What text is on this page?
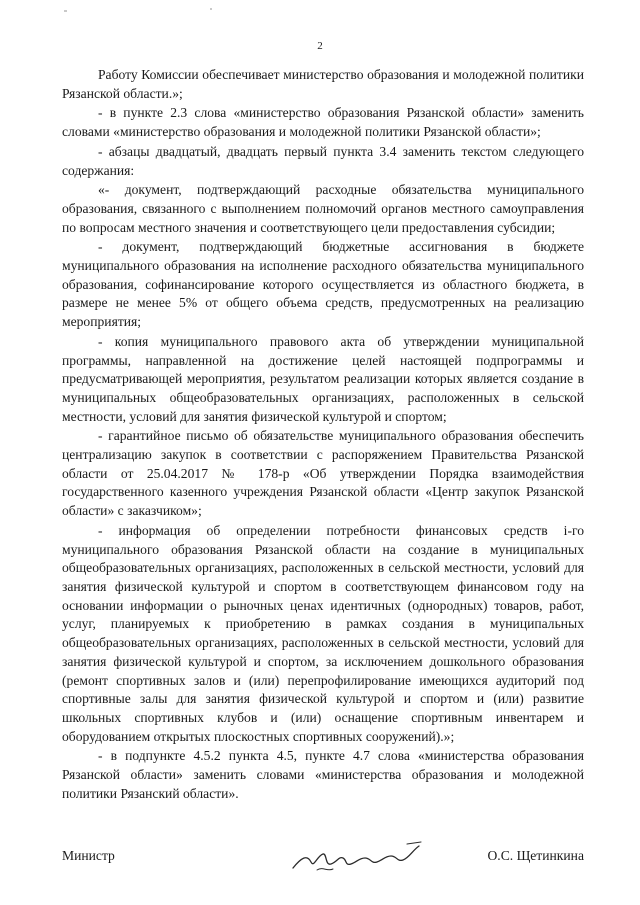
2

Работу Комиссии обеспечивает министерство образования и молодежной политики Рязанской области.»;

- в пункте 2.3 слова «министерство образования Рязанской области» заменить словами «министерство образования и молодежной политики Рязанской области»;

- абзацы двадцатый, двадцать первый пункта 3.4 заменить текстом следующего содержания:

«- документ, подтверждающий расходные обязательства муниципального образования, связанного с выполнением полномочий органов местного самоуправления по вопросам местного значения и соответствующего цели предоставления субсидии;

- документ, подтверждающий бюджетные ассигнования в бюджете муниципального образования на исполнение расходного обязательства муниципального образования, софинансирование которого осуществляется из областного бюджета, в размере не менее 5% от общего объема средств, предусмотренных на реализацию мероприятия;

- копия муниципального правового акта об утверждении муниципальной программы, направленной на достижение целей настоящей подпрограммы и предусматривающей мероприятия, результатом реализации которых является создание в муниципальных общеобразовательных организациях, расположенных в сельской местности, условий для занятия физической культурой и спортом;

- гарантийное письмо об обязательстве муниципального образования обеспечить централизацию закупок в соответствии с распоряжением Правительства Рязанской области от 25.04.2017 № 178-р «Об утверждении Порядка взаимодействия государственного казенного учреждения Рязанской области «Центр закупок Рязанской области» с заказчиком»;

- информация об определении потребности финансовых средств i-го муниципального образования Рязанской области на создание в муниципальных общеобразовательных организациях, расположенных в сельской местности, условий для занятия физической культурой и спортом в соответствующем финансовом году на основании информации о рыночных ценах идентичных (однородных) товаров, работ, услуг, планируемых к приобретению в рамках создания в муниципальных общеобразовательных организациях, расположенных в сельской местности, условий для занятия физической культурой и спортом, за исключением дошкольного образования (ремонт спортивных залов и (или) перепрофилирование имеющихся аудиторий под спортивные залы для занятия физической культурой и спортом и (или) развитие школьных спортивных клубов и (или) оснащение спортивным инвентарем и оборудованием открытых плоскостных спортивных сооружений).»;

- в подпункте 4.5.2 пункта 4.5, пункте 4.7 слова «министерства образования Рязанской области» заменить словами «министерства образования и молодежной политики Рязанский области».

Министр	О.С. Щетинкина
